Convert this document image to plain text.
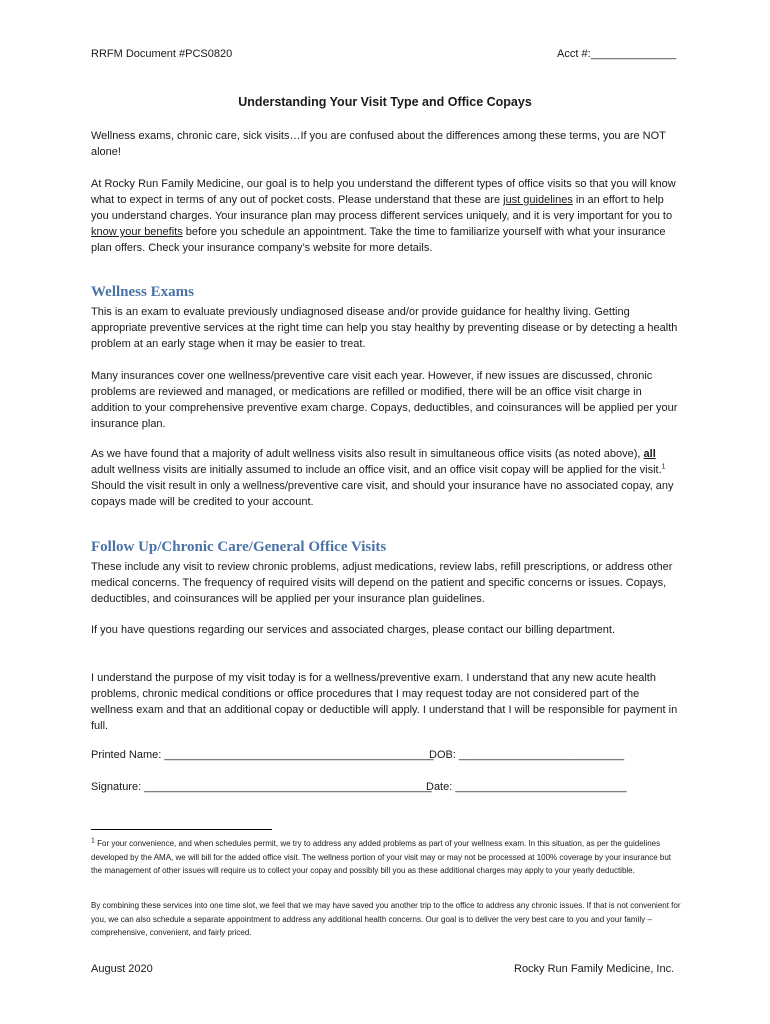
RRFM Document #PCS0820	Acct #:______________
Understanding Your Visit Type and Office Copays

Wellness exams, chronic care, sick visits…If you are confused about the differences among these terms, you are NOT alone!

At Rocky Run Family Medicine, our goal is to help you understand the different types of office visits so that you will know what to expect in terms of any out of pocket costs. Please understand that these are just guidelines in an effort to help you understand charges. Your insurance plan may process different services uniquely, and it is very important for you to know your benefits before you schedule an appointment. Take the time to familiarize yourself with what your insurance plan offers. Check your insurance company’s website for more details.

Wellness Exams

This is an exam to evaluate previously undiagnosed disease and/or provide guidance for healthy living. Getting appropriate preventive services at the right time can help you stay healthy by preventing disease or by detecting a health problem at an early stage when it may be easier to treat.

Many insurances cover one wellness/preventive care visit each year. However, if new issues are discussed, chronic problems are reviewed and managed, or medications are refilled or modified, there will be an office visit charge in addition to your comprehensive preventive exam charge. Copays, deductibles, and coinsurances will be applied per your insurance plan.

As we have found that a majority of adult wellness visits also result in simultaneous office visits (as noted above), all adult wellness visits are initially assumed to include an office visit, and an office visit copay will be applied for the visit.$^1$ Should the visit result in only a wellness/preventive care visit, and should your insurance have no associated copay, any copays made will be credited to your account.

Follow Up/Chronic Care/General Office Visits

These include any visit to review chronic problems, adjust medications, review labs, refill prescriptions, or address other medical concerns. The frequency of required visits will depend on the patient and specific concerns or issues. Copays, deductibles, and coinsurances will be applied per your insurance plan guidelines.

If you have questions regarding our services and associated charges, please contact our billing department.

I understand the purpose of my visit today is for a wellness/preventive exam. I understand that any new acute health problems, chronic medical conditions or office procedures that I may request today are not considered part of the wellness exam and that an additional copay or deductible will apply. I understand that I will be responsible for payment in full.

Printed Name: ____________________________________________
DOB: ___________________________
Signature: _______________________________________________
Date: ____________________________

$^1$ For your convenience, and when schedules permit, we try to address any added problems as part of your wellness exam. In this situation, as per the guidelines developed by the AMA, we will bill for the added office visit. The wellness portion of your visit may or may not be processed at 100% coverage by your insurance but the management of other issues will require us to collect your copay and possibly bill you as these additional charges may apply to your yearly deductible.

By combining these services into one time slot, we feel that we may have saved you another trip to the office to address any chronic issues. If that is not convenient for you, we can also schedule a separate appointment to address any additional health concerns. Our goal is to deliver the very best care to you and your family – comprehensive, convenient, and fairly priced.

August 2020	Rocky Run Family Medicine, Inc.
